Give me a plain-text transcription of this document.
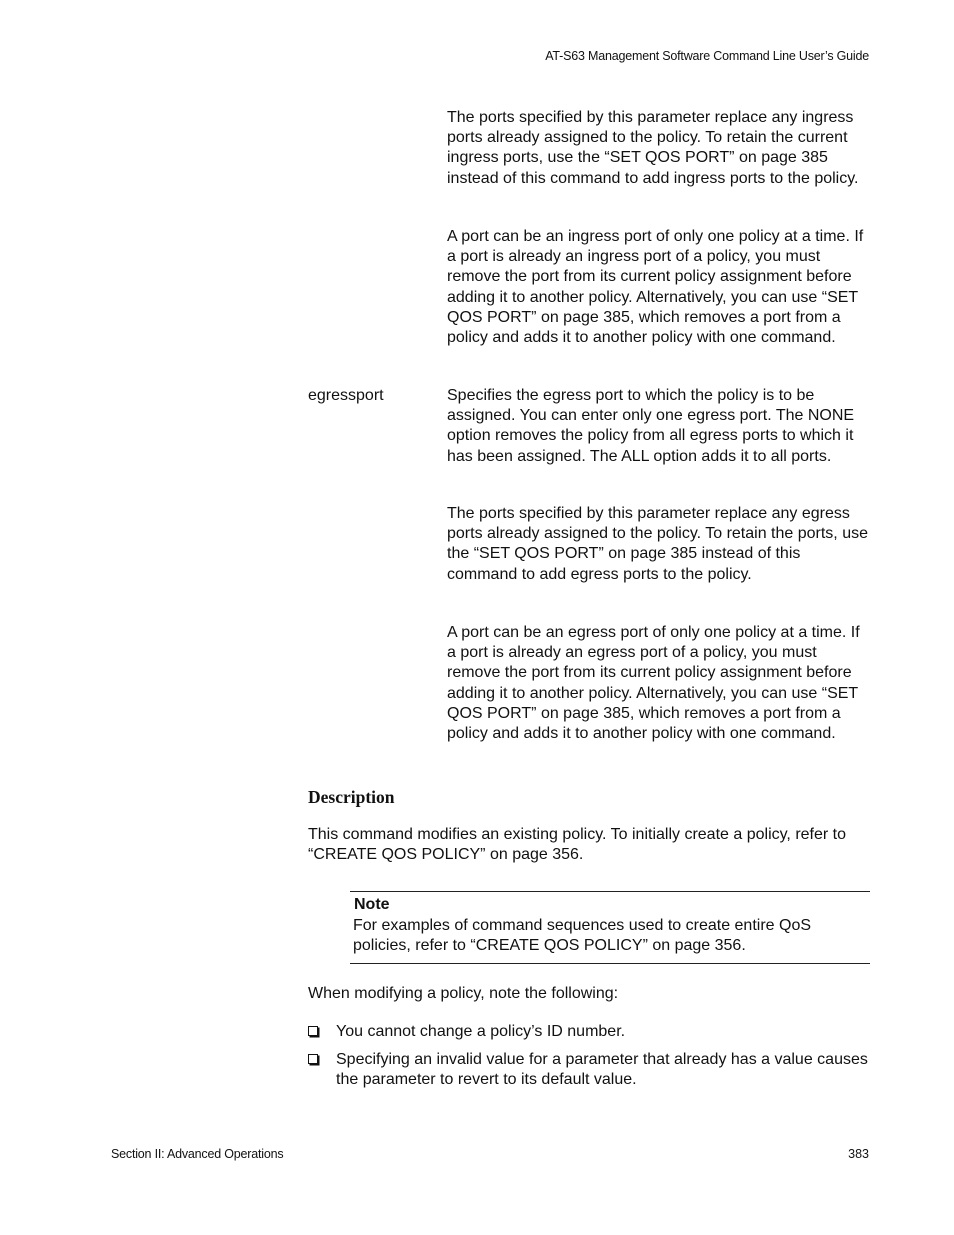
AT-S63 Management Software Command Line User’s Guide
The ports specified by this parameter replace any ingress ports already assigned to the policy. To retain the current ingress ports, use the “SET QOS PORT” on page 385 instead of this command to add ingress ports to the policy.
A port can be an ingress port of only one policy at a time. If a port is already an ingress port of a policy, you must remove the port from its current policy assignment before adding it to another policy. Alternatively, you can use “SET QOS PORT” on page 385, which removes a port from a policy and adds it to another policy with one command.
egressport	Specifies the egress port to which the policy is to be assigned. You can enter only one egress port. The NONE option removes the policy from all egress ports to which it has been assigned. The ALL option adds it to all ports.
The ports specified by this parameter replace any egress ports already assigned to the policy. To retain the ports, use the “SET QOS PORT” on page 385 instead of this command to add egress ports to the policy.
A port can be an egress port of only one policy at a time. If a port is already an egress port of a policy, you must remove the port from its current policy assignment before adding it to another policy. Alternatively, you can use “SET QOS PORT” on page 385, which removes a port from a policy and adds it to another policy with one command.
Description
This command modifies an existing policy. To initially create a policy, refer to “CREATE QOS POLICY” on page 356.
Note
For examples of command sequences used to create entire QoS policies, refer to “CREATE QOS POLICY” on page 356.
When modifying a policy, note the following:
You cannot change a policy’s ID number.
Specifying an invalid value for a parameter that already has a value causes the parameter to revert to its default value.
Section II: Advanced Operations	383
